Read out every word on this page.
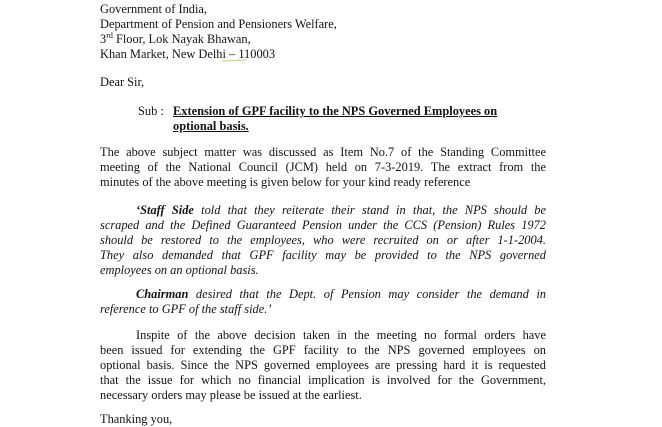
Government of India,
Department of Pension and Pensioners Welfare,
3rd Floor, Lok Nayak Bhawan,
Khan Market, New Delhi – 110003
Dear Sir,
Sub : Extension of GPF facility to the NPS Governed Employees on
optional basis.
The above subject matter was discussed as Item No.7 of the Standing Committee
meeting of the National Council (JCM) held on 7-3-2019. The extract from the
minutes of the above meeting is given below for your kind ready reference
‘Staff Side told that they reiterate their stand in that, the NPS should be
scraped and the Defined Guaranteed Pension under the CCS (Pension) Rules 1972
should be restored to the employees, who were recruited on or after 1-1-2004.
They also demanded that GPF facility may be provided to the NPS governed
employees on an optional basis.
Chairman desired that the Dept. of Pension may consider the demand in
reference to GPF of the staff side.’
Inspite of the above decision taken in the meeting no formal orders have
been issued for extending the GPF facility to the NPS governed employees on
optional basis. Since the NPS governed employees are pressing hard it is requested
that the issue for which no financial implication is involved for the Government,
necessary orders may please be issued at the earliest.
Thanking you,
